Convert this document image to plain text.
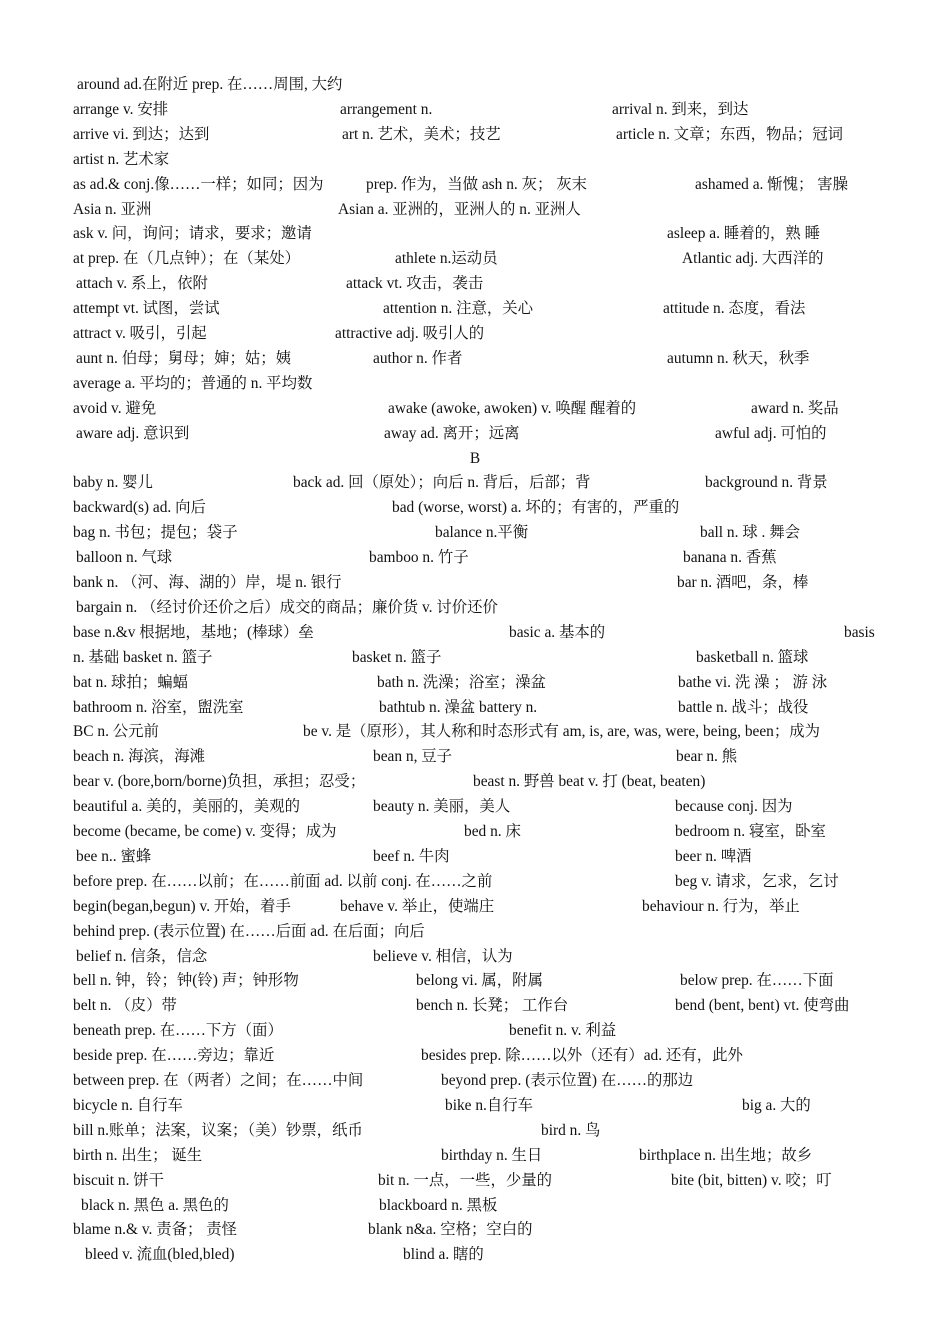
around ad.在附近 prep. 在……周围, 大约
arrange v. 安排	arrangement n.	arrival n. 到来，到达
arrive vi. 到达；达到	art n. 艺术，美术；技艺	article n. 文章；东西，物品；冠词
artist n. 艺术家
as ad.& conj.像……一样；如同；因为	prep. 作为，当做 ash n. 灰； 灰末	ashamed a. 惭愧； 害臊
Asia n. 亚洲	Asian a. 亚洲的，亚洲人的 n. 亚洲人
ask v. 问，询问；请求，要求；邀请	asleep a. 睡着的，熟 睡
at prep. 在（几点钟）；在（某处）	athlete n.运动员	Atlantic adj. 大西洋的
attach v. 系上，依附	attack vt. 攻击，袭击
attempt vt. 试图，尝试	attention n. 注意，关心	attitude n. 态度，看法
attract v. 吸引，引起	attractive adj. 吸引人的
aunt n. 伯母；舅母；婶；姑；姨	author n. 作者	autumn n. 秋天，秋季
average a. 平均的；普通的 n. 平均数
avoid v. 避免	awake (awoke, awoken) v. 唤醒 醒着的	award n. 奖品
aware adj. 意识到	away ad. 离开；远离	awful adj. 可怕的
B
baby n. 婴儿	back ad. 回（原处）；向后 n. 背后，后部；背	background n. 背景
backward(s) ad. 向后	bad (worse, worst) a. 坏的；有害的，严重的
bag n. 书包；提包；袋子	balance n.平衡	ball n. 球 . 舞会
balloon n. 气球	bamboo n. 竹子	banana n. 香蕉
bank n. （河、海、湖的）岸，堤 n. 银行	bar n. 酒吧，条，棒
bargain n. （经讨价还价之后）成交的商品；廉价货 v. 讨价还价
base n.&v 根据地，基地；(棒球）垒	basic a. 基本的	basis
n. 基础 basket n. 篮子	basket n. 篮子	basketball n. 篮球
bat n. 球拍；蝙蝠	bath n. 洗澡；浴室；澡盆	bathe vi. 洗 澡 ； 游 泳
bathroom n. 浴室，盥洗室	bathtub n. 澡盆 battery n.	battle n. 战斗；战役
BC n. 公元前	be v. 是（原形），其人称和时态形式有 am, is, are, was, were, being, been；成为
beach n. 海滨，海滩	bean n, 豆子	bear n. 熊
bear v. (bore,born/borne)负担，承担；忍受；	beast n. 野兽 beat v. 打 (beat, beaten)
beautiful a. 美的，美丽的，美观的	beauty n. 美丽，美人	because conj. 因为
become (became, be come) v. 变得；成为	bed n. 床	bedroom n. 寝室，卧室
bee n.. 蜜蜂	beef n. 牛肉	beer n. 啤酒
before prep. 在……以前；在……前面 ad. 以前 conj. 在……之前	beg v. 请求，乞求，乞讨
begin(began,begun) v. 开始，着手	behave v. 举止，使端庄	behaviour n. 行为，举止
behind prep. (表示位置) 在……后面 ad. 在后面；向后
belief n. 信条，信念	believe v. 相信，认为
bell n. 钟，铃；钟(铃) 声；钟形物	belong vi. 属，附属	below prep. 在……下面
belt n. （皮）带	bench n. 长凳； 工作台	bend (bent, bent) vt. 使弯曲
beneath prep. 在……下方（面）	benefit n. v. 利益
beside prep. 在……旁边；靠近	besides prep. 除……以外（还有）ad. 还有，此外
between prep. 在（两者）之间；在……中间	beyond prep. (表示位置) 在……的那边
bicycle n. 自行车	bike n.自行车	big a. 大的
bill n.账单；法案，议案；（美）钞票，纸币	bird n. 鸟
birth n. 出生； 诞生	birthday n. 生日	birthplace n. 出生地；故乡
biscuit n. 饼干	bit n. 一点，一些，少量的	bite (bit, bitten) v. 咬；叮
black n. 黑色 a. 黑色的	blackboard n. 黑板
blame n.& v. 责备； 责怪	blank n&a. 空格；空白的
bleed v. 流血(bled,bled)	blind a. 瞎的
